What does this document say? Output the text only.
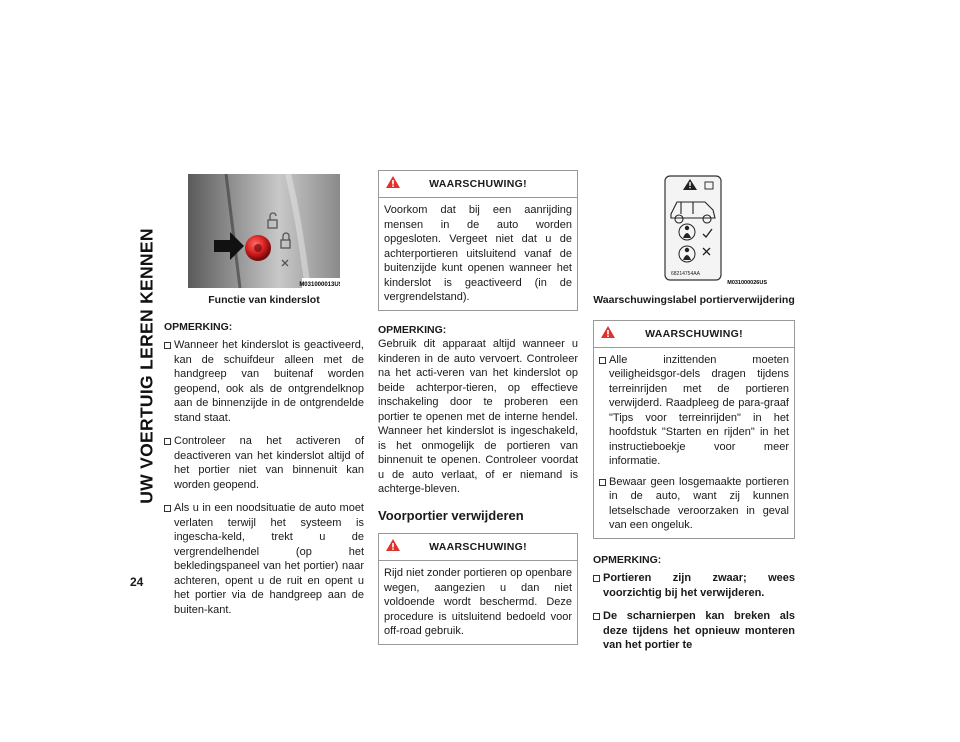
UW VOERTUIG LEREN KENNEN
24
M031000013US
Functie van kinderslot

OPMERKING:

Wanneer het kinderslot is geactiveerd, kan de schuifdeur alleen met de handgreep van buitenaf worden geopend, ook als de ontgrendelknop aan de binnenzijde in de ontgrendelde stand staat.
Controleer na het activeren of deactiveren van het kinderslot altijd of het portier niet van binnenuit kan worden geopend.
Als u in een noodsituatie de auto moet verlaten terwijl het systeem is ingescha-keld, trekt u de vergrendelhendel (op het bekledingspaneel van het portier) naar achteren, opent u de ruit en opent u het portier via de handgreep aan de buiten-kant.
WAARSCHUWING!
Voorkom dat bij een aanrijding mensen in de auto worden opgesloten. Vergeet niet dat u de achterportieren uitsluitend vanaf de buitenzijde kunt openen wanneer het kinderslot is geactiveerd (in de vergrendelstand).

OPMERKING:

Gebruik dit apparaat altijd wanneer u kinderen in de auto vervoert. Controleer na het acti-veren van het kinderslot op beide achterpor-tieren, op effectieve inschakeling door te proberen een portier te openen met de interne hendel. Wanneer het kinderslot is ingeschakeld, is het onmogelijk de portieren van binnenuit te openen. Controleer voordat u de auto verlaat, of er niemand is achterge-bleven.

Voorportier verwijderen
WAARSCHUWING!
Rijd niet zonder portieren op openbare wegen, aangezien u dan niet voldoende wordt beschermd. Deze procedure is uitsluitend bedoeld voor off-road gebruik.
68214754AA
M031000026US
Waarschuwingslabel portierverwijdering
WAARSCHUWING!
Alle inzittenden moeten veiligheidsgor-dels dragen tijdens terreinrijden met de portieren verwijderd. Raadpleeg de para-graaf "Tips voor terreinrijden" in het hoofdstuk "Starten en rijden" in het instructieboekje voor meer informatie.
Bewaar geen losgemaakte portieren in de auto, want zij kunnen letselschade veroorzaken in geval van een ongeluk.

OPMERKING:

Portieren zijn zwaar; wees voorzichtig bij het verwijderen.
De scharnierpen kan breken als deze tijdens het opnieuw monteren van het portier te
